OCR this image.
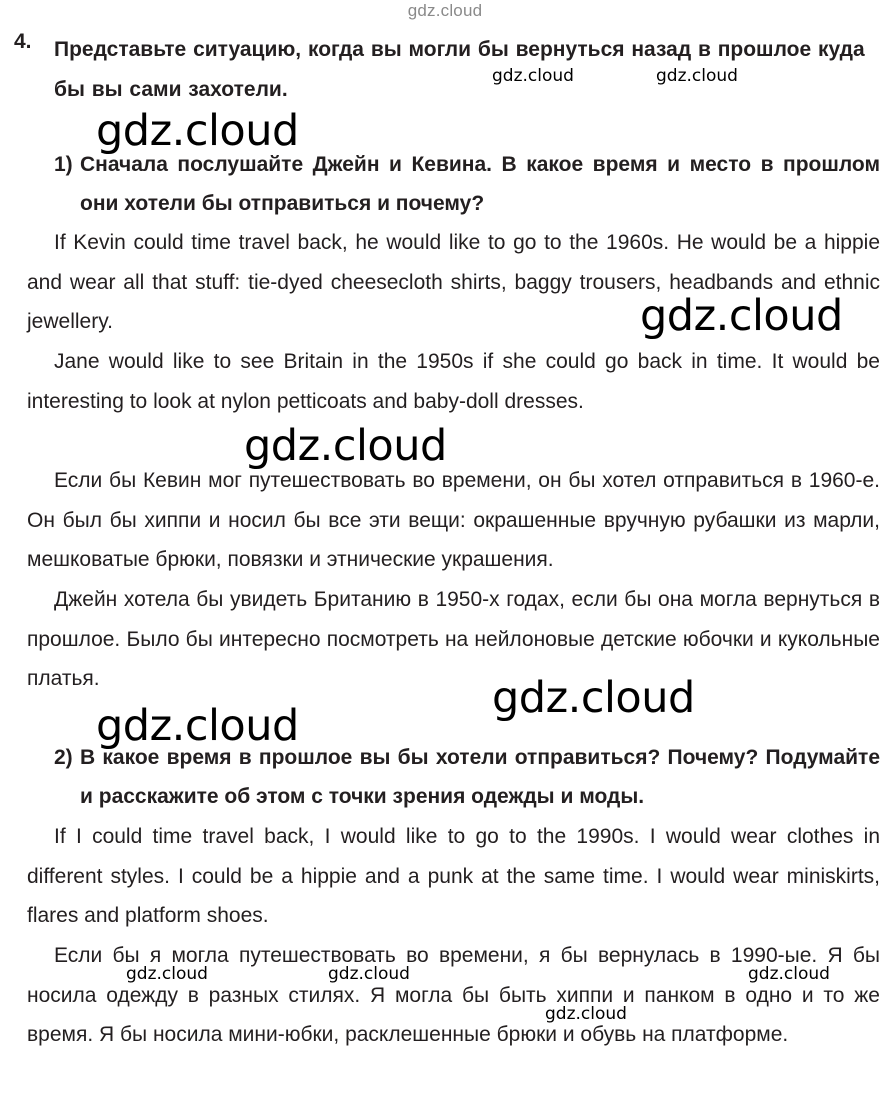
gdz.cloud
4. Представьте ситуацию, когда вы могли бы вернуться назад в прошлое куда бы вы сами захотели.
1) Сначала послушайте Джейн и Кевина. В какое время и место в прошлом они хотели бы отправиться и почему?

If Kevin could time travel back, he would like to go to the 1960s. He would be a hippie and wear all that stuff: tie-dyed cheesecloth shirts, baggy trousers, headbands and ethnic jewellery.

Jane would like to see Britain in the 1950s if she could go back in time. It would be interesting to look at nylon petticoats and baby-doll dresses.

Если бы Кевин мог путешествовать во времени, он бы хотел отправиться в 1960-е. Он был бы хиппи и носил бы все эти вещи: окрашенные вручную рубашки из марли, мешковатые брюки, повязки и этнические украшения.

Джейн хотела бы увидеть Британию в 1950-х годах, если бы она могла вернуться в прошлое. Было бы интересно посмотреть на нейлоновые детские юбочки и кукольные платья.

2) В какое время в прошлое вы бы хотели отправиться? Почему? Подумайте и расскажите об этом с точки зрения одежды и моды.

If I could time travel back, I would like to go to the 1990s. I would wear clothes in different styles. I could be a hippie and a punk at the same time. I would wear miniskirts, flares and platform shoes.

Если бы я могла путешествовать во времени, я бы вернулась в 1990-ые. Я бы носила одежду в разных стилях. Я могла бы быть хиппи и панком в одно и то же время. Я бы носила мини-юбки, расклешенные брюки и обувь на платформе.

gdz.cloud	gdz.cloud
gdz.cloud
gdz.cloud
gdz.cloud
gdz.cloud
gdz.cloud
gdz.cloud	gdz.cloud	gdz.cloud
gdz.cloud
